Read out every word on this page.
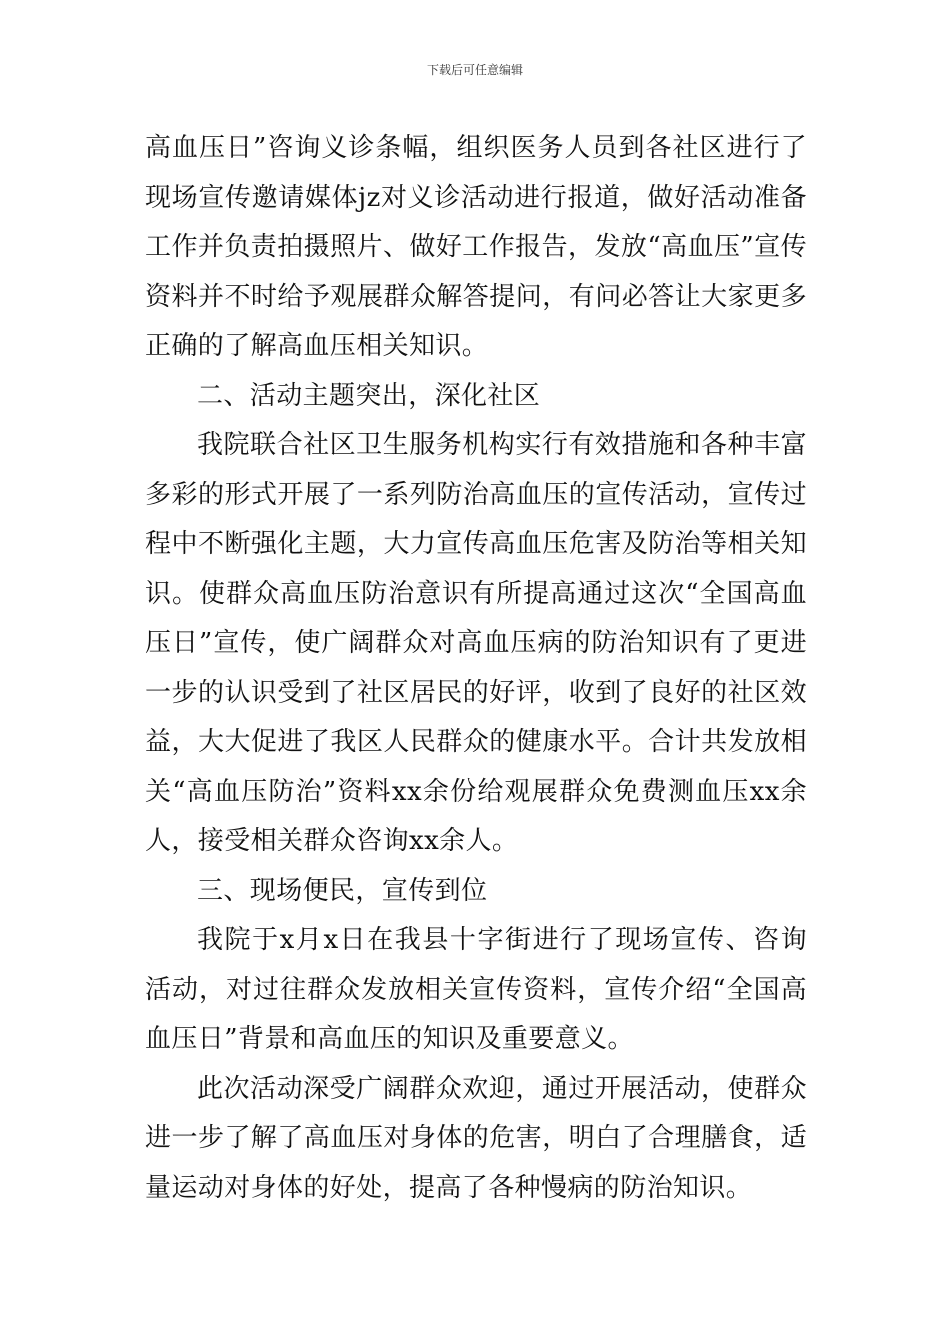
下载后可任意编辑

高血压日”咨询义诊条幅，组织医务人员到各社区进行了现场宣传邀请媒体jz对义诊活动进行报道，做好活动准备工作并负责拍摄照片、做好工作报告，发放“高血压”宣传资料并不时给予观展群众解答提问，有问必答让大家更多正确的了解高血压相关知识。

二、活动主题突出，深化社区

我院联合社区卫生服务机构实行有效措施和各种丰富多彩的形式开展了一系列防治高血压的宣传活动，宣传过程中不断强化主题，大力宣传高血压危害及防治等相关知识。使群众高血压防治意识有所提高通过这次“全国高血压日”宣传，使广阔群众对高血压病的防治知识有了更进一步的认识受到了社区居民的好评，收到了良好的社区效益，大大促进了我区人民群众的健康水平。合计共发放相关“高血压防治”资料xx余份给观展群众免费测血压xx余人，接受相关群众咨询xx余人。

三、现场便民，宣传到位

我院于x月x日在我县十字街进行了现场宣传、咨询活动，对过往群众发放相关宣传资料，宣传介绍“全国高血压日”背景和高血压的知识及重要意义。

此次活动深受广阔群众欢迎，通过开展活动，使群众进一步了解了高血压对身体的危害，明白了合理膳食，适量运动对身体的好处，提高了各种慢病的防治知识。
